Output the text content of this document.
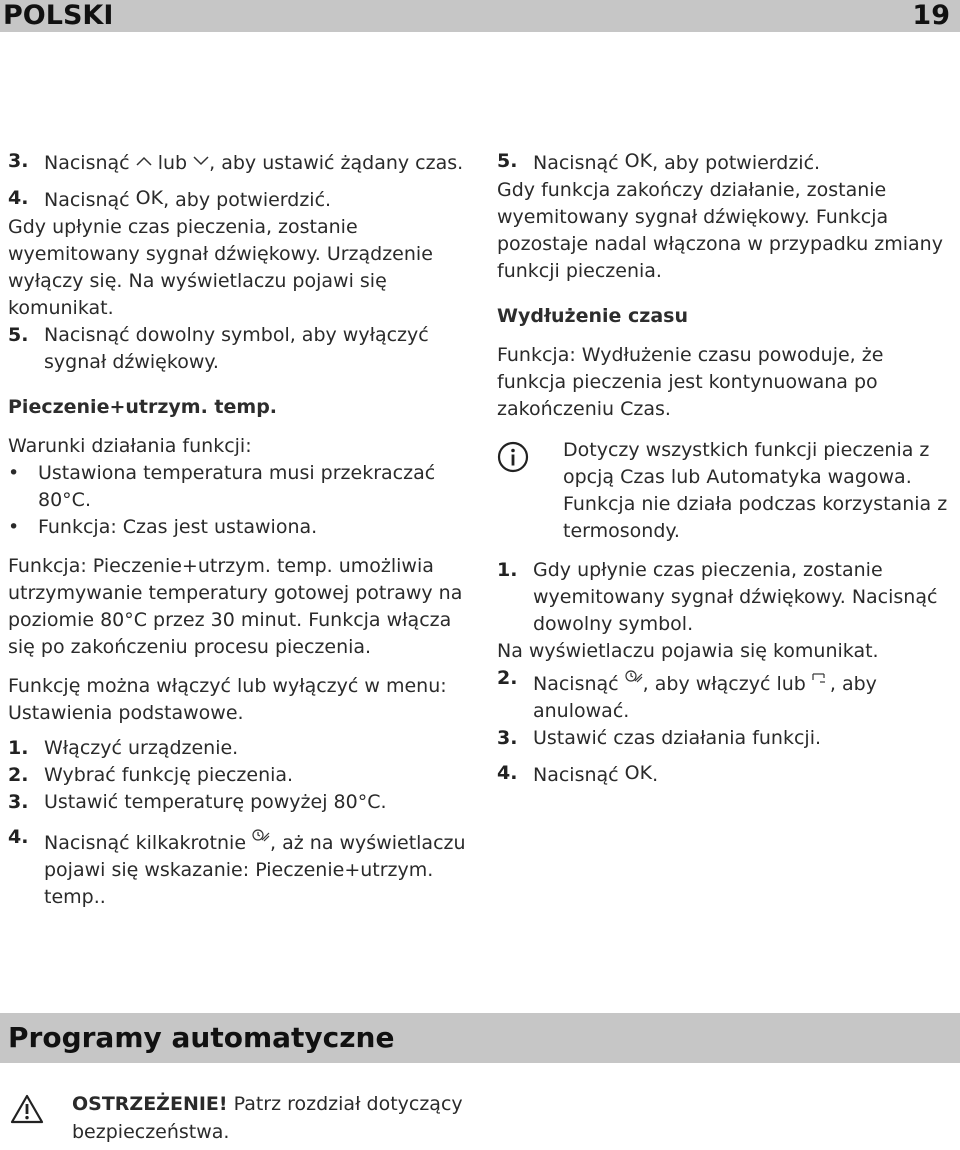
POLSKI	19
3. Nacisnąć  lub , aby ustawić żądany czas.
4. Nacisnąć OK, aby potwierdzić.

Gdy upłynie czas pieczenia, zostanie wyemitowany sygnał dźwiękowy. Urządzenie wyłączy się. Na wyświetlaczu pojawi się komunikat.

5. Nacisnąć dowolny symbol, aby wyłączyć sygnał dźwiękowy.
Pieczenie+utrzym. temp.

Warunki działania funkcji:

• Ustawiona temperatura musi przekraczać 80°C.
• Funkcja: Czas jest ustawiona.

Funkcja: Pieczenie+utrzym. temp. umożliwia utrzymywanie temperatury gotowej potrawy na poziomie 80°C przez 30 minut. Funkcja włącza się po zakończeniu procesu pieczenia.

Funkcję można włączyć lub wyłączyć w menu: Ustawienia podstawowe.

1. Włączyć urządzenie.
2. Wybrać funkcję pieczenia.
3. Ustawić temperaturę powyżej 80°C.
4. Nacisnąć kilkakrotnie , aż na wyświetlaczu pojawi się wskazanie: Pieczenie+utrzym. temp..
5. Nacisnąć OK, aby potwierdzić.

Gdy funkcja zakończy działanie, zostanie wyemitowany sygnał dźwiękowy. Funkcja pozostaje nadal włączona w przypadku zmiany funkcji pieczenia.

Wydłużenie czasu

Funkcja: Wydłużenie czasu powoduje, że funkcja pieczenia jest kontynuowana po zakończeniu Czas.

Dotyczy wszystkich funkcji pieczenia z opcją Czas lub Automatyka wagowa. Funkcja nie działa podczas korzystania z termosondy.
1. Gdy upłynie czas pieczenia, zostanie wyemitowany sygnał dźwiękowy. Nacisnąć dowolny symbol.

Na wyświetlaczu pojawia się komunikat.

2. Nacisnąć , aby włączyć lub , aby anulować.
3. Ustawić czas działania funkcji.
4. Nacisnąć OK.
Programy automatyczne
OSTRZEŻENIE! Patrz rozdział dotyczący bezpieczeństwa.
